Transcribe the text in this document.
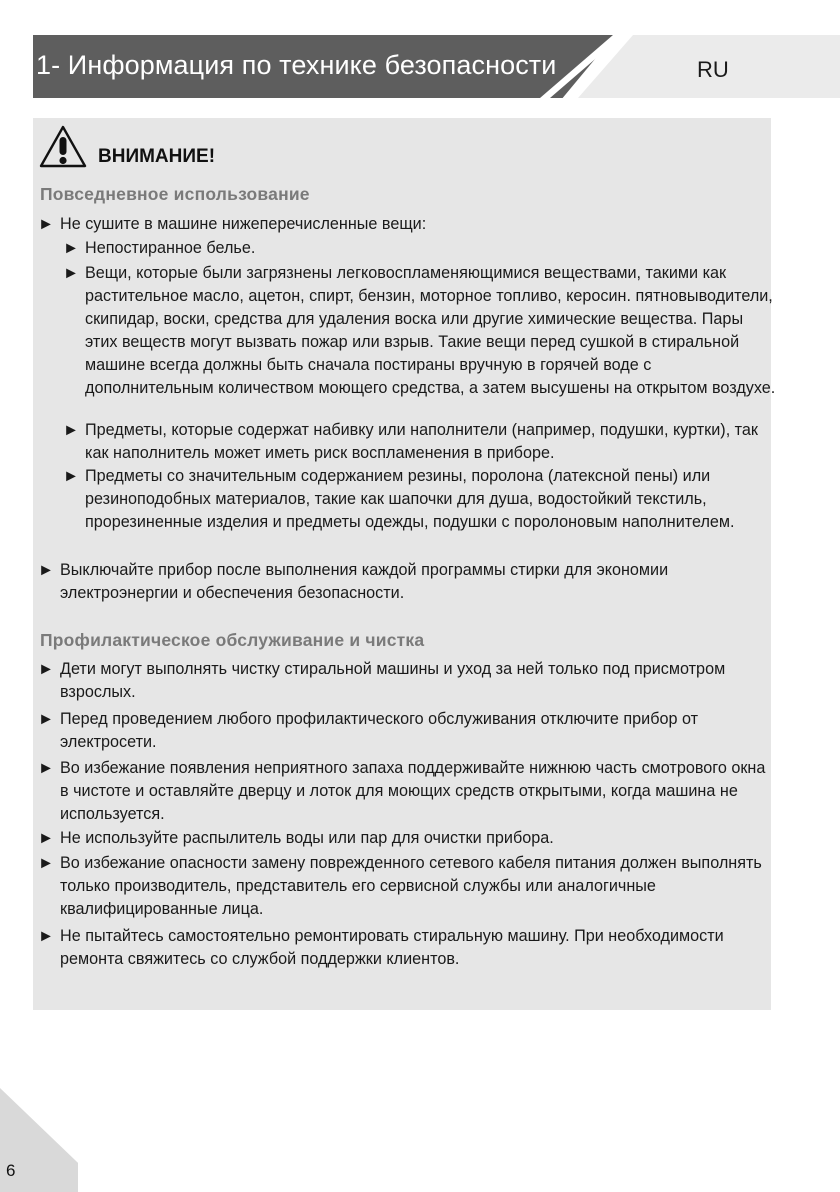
1- Информация по технике безопасности	RU
ВНИМАНИЕ!
Повседневное использование
► Не сушите в машине нижеперечисленные вещи:
► Непостиранное белье.
► Вещи, которые были загрязнены легковоспламеняющимися веществами, такими как растительное масло, ацетон, спирт, бензин, моторное топливо, керосин. пятновыводители, скипидар, воски, средства для удаления воска или другие химические вещества. Пары этих веществ могут вызвать пожар или взрыв. Такие вещи перед сушкой в стиральной машине всегда должны быть сначала постираны вручную в горячей воде с дополнительным количеством моющего средства, а затем высушены на открытом воздухе.
► Предметы, которые содержат набивку или наполнители (например, подушки, куртки), так как наполнитель может иметь риск воспламенения в приборе.
► Предметы со значительным содержанием резины, поролона (латексной пены) или резиноподобных материалов, такие как шапочки для душа, водостойкий текстиль, прорезиненные изделия и предметы одежды, подушки с поролоновым наполнителем.
► Выключайте прибор после выполнения каждой программы стирки для экономии электроэнергии и обеспечения безопасности.
Профилактическое обслуживание и чистка
► Дети могут выполнять чистку стиральной машины и уход за ней только под присмотром взрослых.
► Перед проведением любого профилактического обслуживания отключите прибор от электросети.
► Во избежание появления неприятного запаха поддерживайте нижнюю часть смотрового окна в чистоте и оставляйте дверцу и лоток для моющих средств открытыми, когда машина не используется.
► Не используйте распылитель воды или пар для очистки прибора.
► Во избежание опасности замену поврежденного сетевого кабеля питания должен выполнять только производитель, представитель его сервисной службы или аналогичные квалифицированные лица.
► Не пытайтесь самостоятельно ремонтировать стиральную машину. При необходимости ремонта свяжитесь со службой поддержки клиентов.
6
